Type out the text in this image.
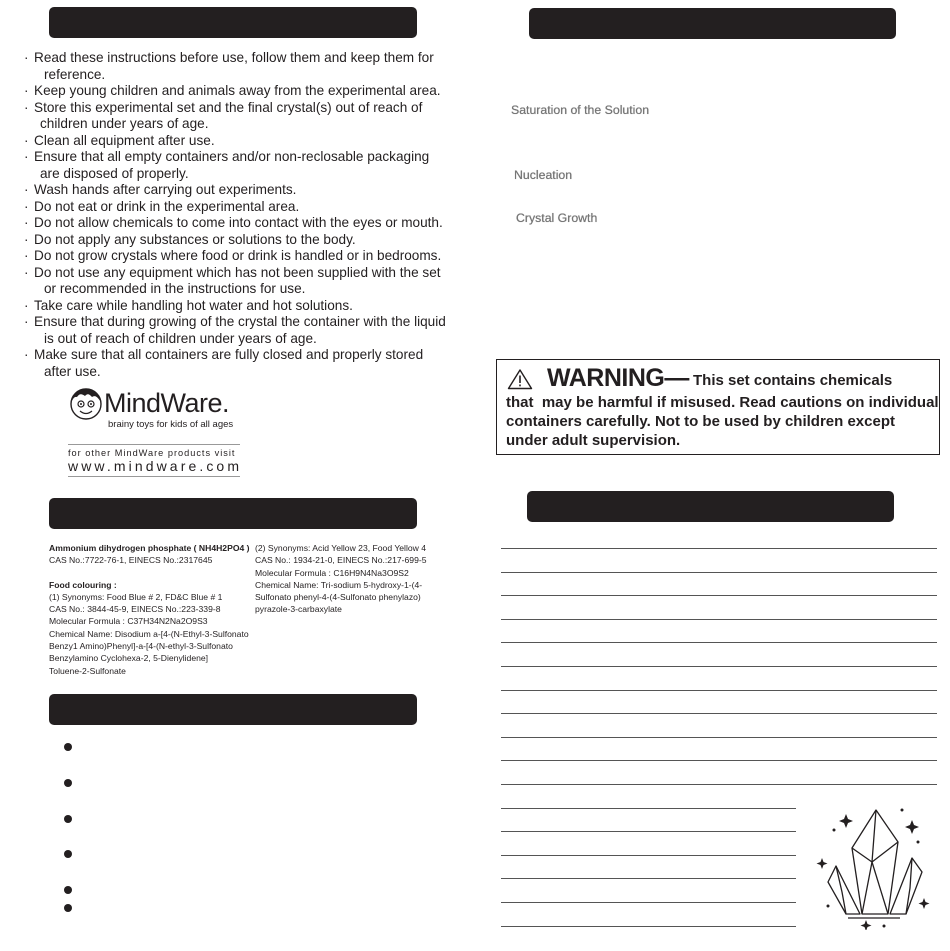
· Read these instructions before use, follow them and keep them for
reference.
· Keep young children and animals away from the experimental area.
· Store this experimental set and the final crystal(s) out of reach of
children under years of age.
· Clean all equipment after use.
· Ensure that all empty containers and/or non-reclosable packaging
are disposed of properly.
· Wash hands after carrying out experiments.
· Do not eat or drink in the experimental area.
· Do not allow chemicals to come into contact with the eyes or mouth.
· Do not apply any substances or solutions to the body.
· Do not grow crystals where food or drink is handled or in bedrooms.
· Do not use any equipment which has not been supplied with the set
or recommended in the instructions for use.
· Take care while handling hot water and hot solutions.
· Ensure that during growing of the crystal the container with the liquid
is out of reach of children under years of age.
· Make sure that all containers are fully closed and properly stored
after use.
MindWare.
brainy toys for kids of all ages
for other MindWare products visit
www.mindware.com
Ammonium dihydrogen phosphate ( NH4H2PO4 )
CAS No.:7722-76-1, EINECS No.:2317645
Food colouring :
(1) Synonyms: Food Blue # 2, FD&C Blue # 1
CAS No.: 3844-45-9, EINECS No.:223-339-8
Molecular Formula : C37H34N2Na2O9S3
Chemical Name: Disodium a-[4-(N-Ethyl-3-Sulfonato
Benzy1 Amino)Phenyl]-a-[4-(N-ethyl-3-Sulfonato
Benzylamino Cyclohexa-2, 5-Dienylidene]
Toluene-2-Sulfonate
(2) Synonyms: Acid Yellow 23, Food Yellow 4
CAS No.: 1934-21-0, EINECS No.:217-699-5
Molecular Formula : C16H9N4Na3O9S2
Chemical Name: Tri-sodium 5-hydroxy-1-(4-
Sulfonato phenyl-4-(4-Sulfonato phenylazo)
pyrazole-3-carbaxylate
Saturation of the Solution
Nucleation
Crystal Growth
WARNING— This set contains chemicals
that may be harmful if misused. Read cautions on individual
containers carefully. Not to be used by children except
under adult supervision.
